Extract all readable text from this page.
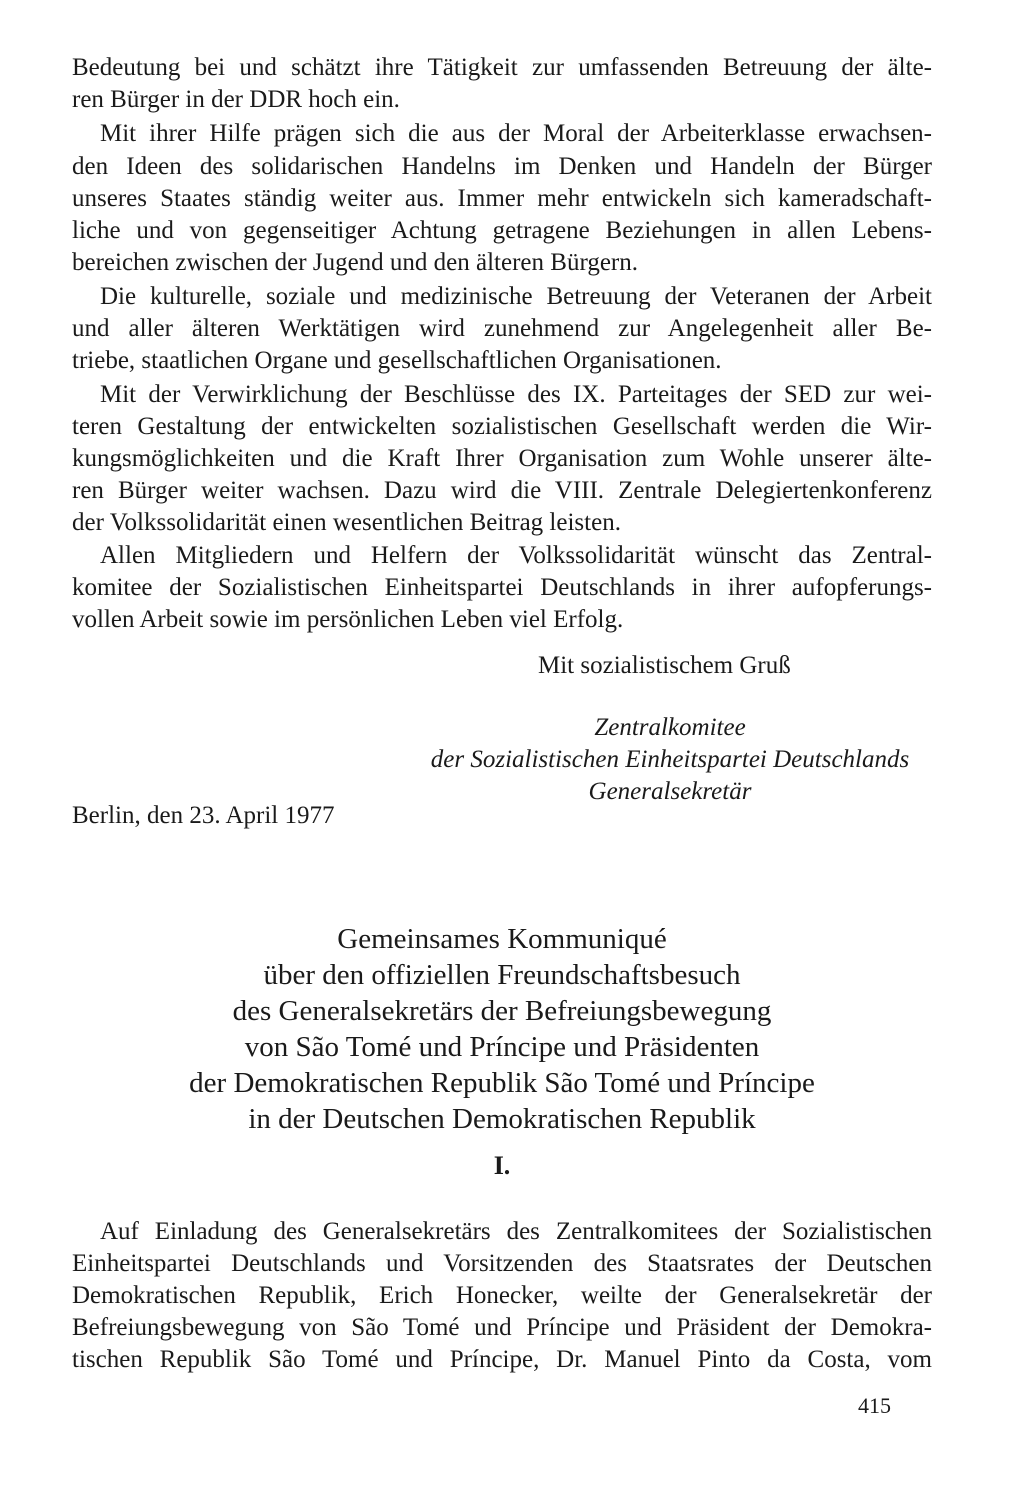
Bedeutung bei und schätzt ihre Tätigkeit zur umfassenden Betreuung der älte-
ren Bürger in der DDR hoch ein.
Mit ihrer Hilfe prägen sich die aus der Moral der Arbeiterklasse erwachsen-
den Ideen des solidarischen Handelns im Denken und Handeln der Bürger
unseres Staates ständig weiter aus. Immer mehr entwickeln sich kameradschaft-
liche und von gegenseitiger Achtung getragene Beziehungen in allen Lebens-
bereichen zwischen der Jugend und den älteren Bürgern.
Die kulturelle, soziale und medizinische Betreuung der Veteranen der Arbeit
und aller älteren Werktätigen wird zunehmend zur Angelegenheit aller Be-
triebe, staatlichen Organe und gesellschaftlichen Organisationen.
Mit der Verwirklichung der Beschlüsse des IX. Parteitages der SED zur wei-
teren Gestaltung der entwickelten sozialistischen Gesellschaft werden die Wir-
kungsmöglichkeiten und die Kraft Ihrer Organisation zum Wohle unserer älte-
ren Bürger weiter wachsen. Dazu wird die VIII. Zentrale Delegiertenkonferenz
der Volkssolidarität einen wesentlichen Beitrag leisten.
Allen Mitgliedern und Helfern der Volkssolidarität wünscht das Zentral-
komitee der Sozialistischen Einheitspartei Deutschlands in ihrer aufopferungs-
vollen Arbeit sowie im persönlichen Leben viel Erfolg.
Mit sozialistischem Gruß
Zentralkomitee
der Sozialistischen Einheitspartei Deutschlands
Generalsekretär
Berlin, den 23. April 1977
Gemeinsames Kommuniqué
über den offiziellen Freundschaftsbesuch
des Generalsekretärs der Befreiungsbewegung
von São Tomé und Príncipe und Präsidenten
der Demokratischen Republik São Tomé und Príncipe
in der Deutschen Demokratischen Republik
I.
Auf Einladung des Generalsekretärs des Zentralkomitees der Sozialistischen
Einheitspartei Deutschlands und Vorsitzenden des Staatsrates der Deutschen
Demokratischen Republik, Erich Honecker, weilte der Generalsekretär der
Befreiungsbewegung von São Tomé und Príncipe und Präsident der Demokra-
tischen Republik São Tomé und Príncipe, Dr. Manuel Pinto da Costa, vom
415
